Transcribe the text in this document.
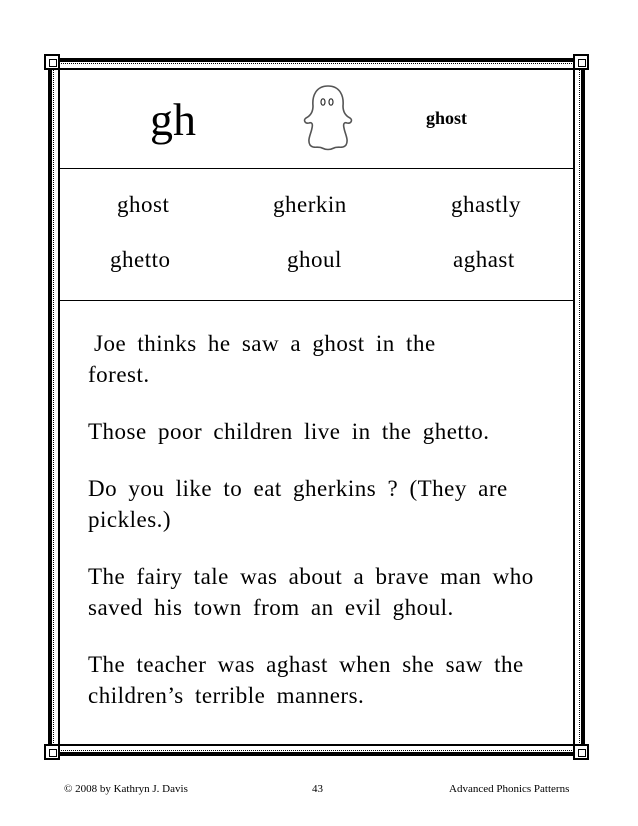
gh	ghost
ghost	gherkin	ghastly
ghetto	ghoul	aghast

Joe thinks he saw a ghost in the forest.

Those poor children live in the ghetto.

Do you like to eat gherkins ? (They are pickles.)

The fairy tale was about a brave man who saved his town from an evil ghoul.

The teacher was aghast when she saw the children’s terrible manners.

© 2008 by Kathryn J. Davis	43	Advanced Phonics Patterns
